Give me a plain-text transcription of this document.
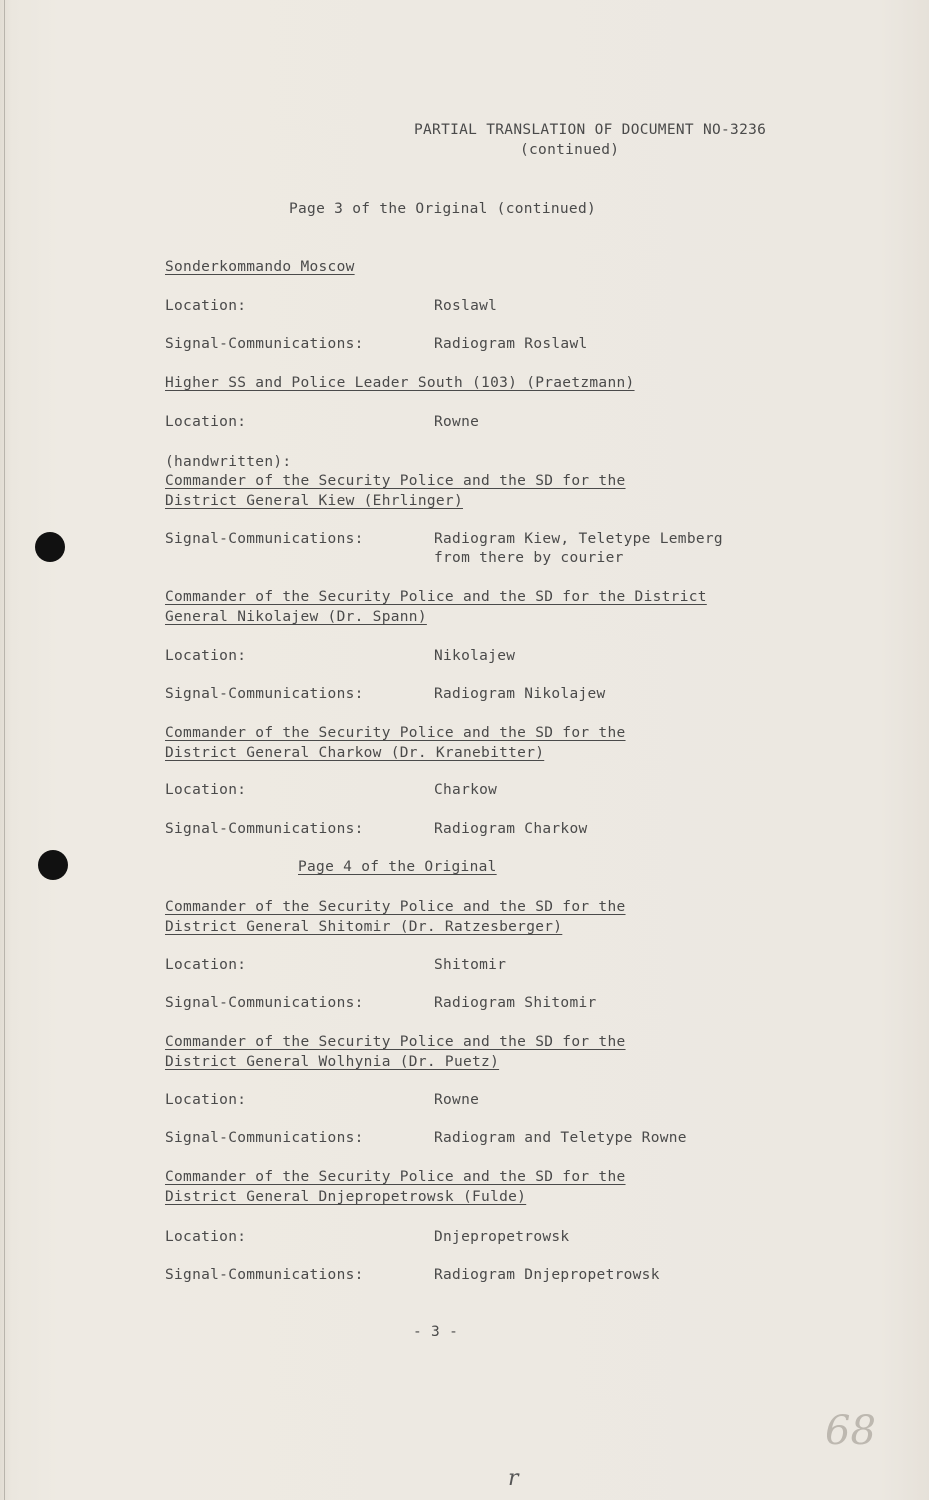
PARTIAL TRANSLATION OF DOCUMENT NO-3236
(continued)
Page 3 of the Original (continued)
Sonderkommando Moscow
Location:	Roslawl
Signal-Communications:	Radiogram Roslawl
Higher SS and Police Leader South (103) (Praetzmann)
Location:	Rowne
(handwritten):
Commander of the Security Police and the SD for the
District General Kiew (Ehrlinger)
Signal-Communications:	Radiogram Kiew, Teletype Lemberg
from there by courier
Commander of the Security Police and the SD for the District
General Nikolajew (Dr. Spann)
Location:	Nikolajew
Signal-Communications:	Radiogram Nikolajew
Commander of the Security Police and the SD for the
District General Charkow (Dr. Kranebitter)
Location:	Charkow
Signal-Communications:	Radiogram Charkow
Page 4 of the Original
Commander of the Security Police and the SD for the
District General Shitomir (Dr. Ratzesberger)
Location:	Shitomir
Signal-Communications:	Radiogram Shitomir
Commander of the Security Police and the SD for the
District General Wolhynia (Dr. Puetz)
Location:	Rowne
Signal-Communications:	Radiogram and Teletype Rowne
Commander of the Security Police and the SD for the
District General Dnjepropetrowsk (Fulde)
Location:	Dnjepropetrowsk
Signal-Communications:	Radiogram Dnjepropetrowsk
- 3 -
68
r
